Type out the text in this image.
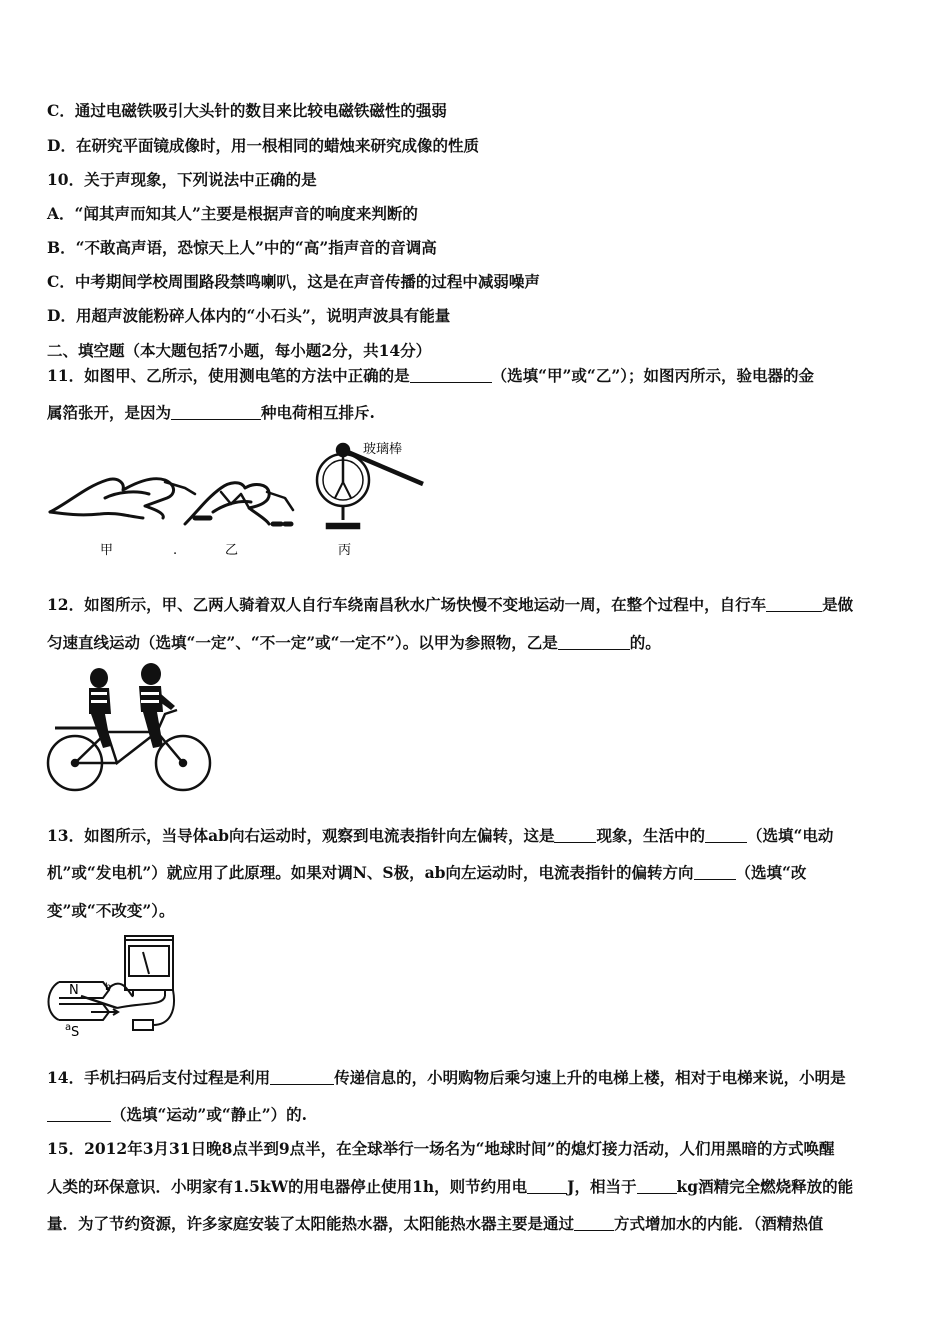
C．通过电磁铁吸引大头针的数目来比较电磁铁磁性的强弱
D．在研究平面镜成像时，用一根相同的蜡烛来研究成像的性质
10．关于声现象，下列说法中正确的是
A．“闻其声而知其人”主要是根据声音的响度来判断的
B．“不敢高声语，恐惊天上人”中的“高”指声音的音调高
C．中考期间学校周围路段禁鸣喇叭，这是在声音传播的过程中减弱噪声
D．用超声波能粉碎人体内的“小石头”，说明声波具有能量
二、填空题（本大题包括7小题，每小题2分，共14分）
11．如图甲、乙所示，使用测电笔的方法中正确的是	（选填“甲”或“乙”）；如图丙所示，验电器的金
属箔张开，是因为	种电荷相互排斥.
玻璃棒
甲	.	乙	丙
12．如图所示，甲、乙两人骑着双人自行车绕南昌秋水广场快慢不变地运动一周，在整个过程中，自行车	是做
匀速直线运动（选填“一定”、“不一定”或“一定不”）。以甲为参照物，乙是	的。
13．如图所示，当导体ab向右运动时，观察到电流表指针向左偏转，这是	现象，生活中的	（选填“电动
机”或“发电机”）就应用了此原理。如果对调N、S极，ab向左运动时，电流表指针的偏转方向	（选填“改
变”或“不改变”）。
N
S
b
a
14．手机扫码后支付过程是利用	传递信息的，小明购物后乘匀速上升的电梯上楼，相对于电梯来说，小明是
（选填“运动”或“静止”）的.
15．2012年3月31日晚8点半到9点半，在全球举行一场名为“地球时间”的熄灯接力活动，人们用黑暗的方式唤醒
人类的环保意识．小明家有1.5kW的用电器停止使用1h，则节约用电	J，相当于	kg酒精完全燃烧释放的能
量．为了节约资源，许多家庭安装了太阳能热水器，太阳能热水器主要是通过	方式增加水的内能．（酒精热值
